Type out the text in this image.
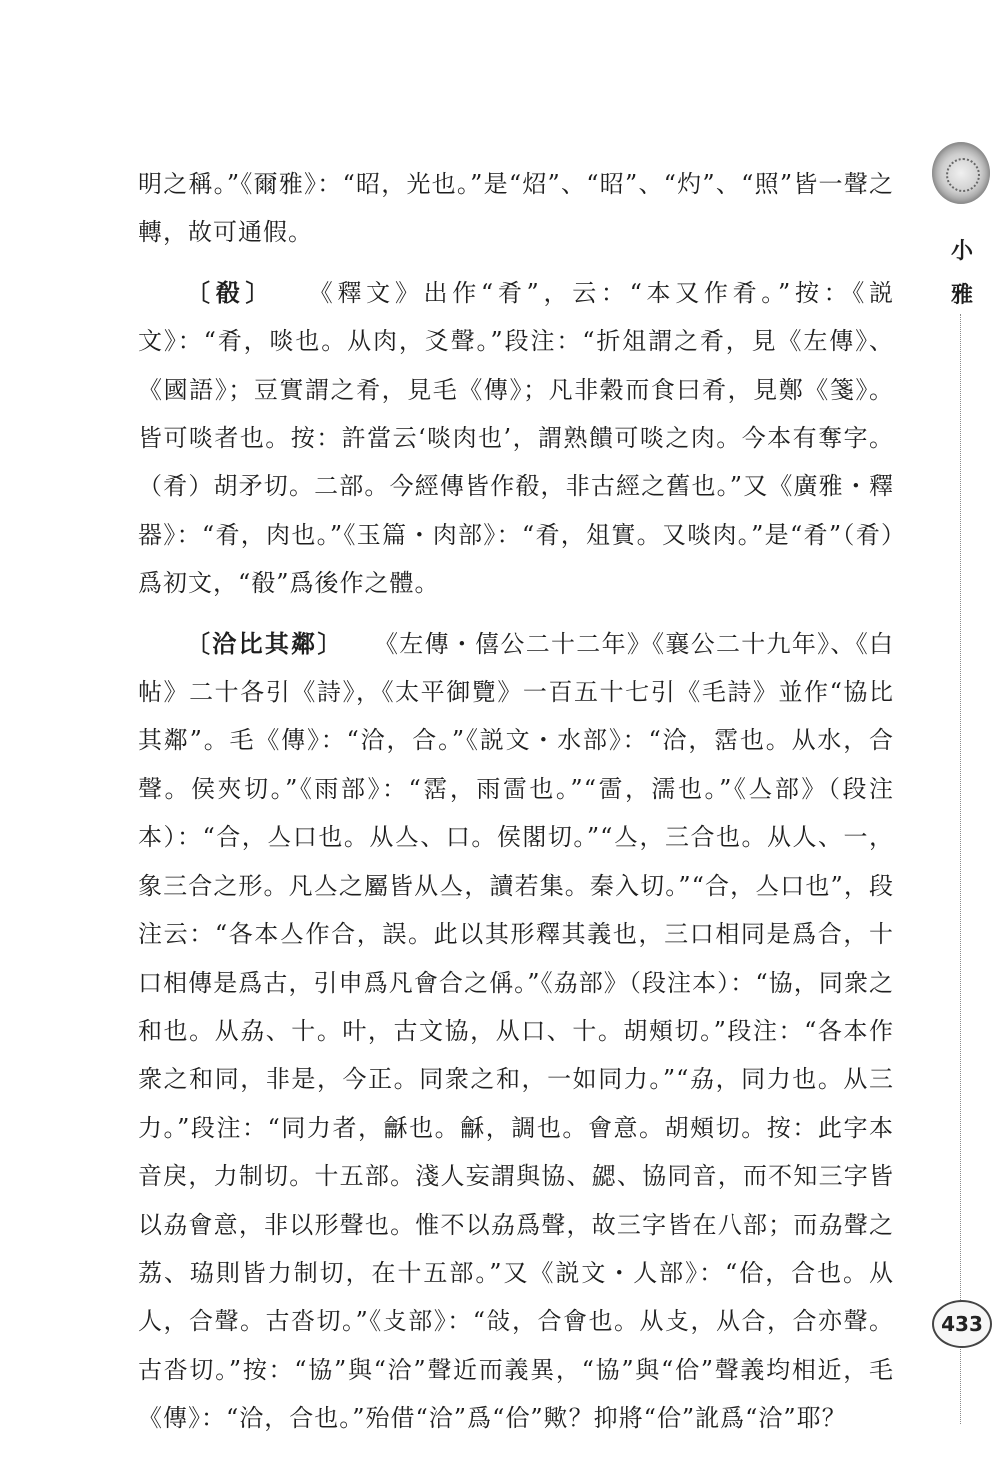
明之稱。”《爾雅》：“昭，光也。”是“炤”、“昭”、“灼”、“照”皆一聲之轉，故可通假。

〔殽〕 《釋文》出作“肴”，云：“本又作肴。”按：《説文》：“肴，啖也。从肉，爻聲。”段注：“折俎謂之肴，見《左傳》、《國語》；豆實謂之肴，見毛《傳》；凡非穀而食曰肴，見鄭《箋》。皆可啖者也。按：許當云‘啖肉也’，謂熟饋可啖之肉。今本有奪字。（肴）胡矛切。二部。今經傳皆作殽，非古經之舊也。”又《廣雅・釋器》：“肴，肉也。”《玉篇・肉部》：“肴，俎實。又啖肉。”是“肴”（肴）爲初文，“殽”爲後作之體。

〔洽比其鄰〕 《左傳・僖公二十二年》《襄公二十九年》、《白帖》二十各引《詩》，《太平御覽》一百五十七引《毛詩》並作“協比其鄰”。毛《傳》：“洽，合。”《説文・水部》：“洽，霑也。从水，合聲。侯夾切。”《雨部》：“霑，雨䨓也。”“䨓，濡也。”《亼部》（段注本）：“合，亼口也。从亼、口。侯閣切。”“亼，三合也。从人、一，象三合之形。凡亼之屬皆从亼，讀若集。秦入切。”“合，亼口也”，段注云：“各本亼作合，誤。此以其形釋其義也，三口相同是爲合，十口相傳是爲古，引申爲凡會合之偁。”《劦部》（段注本）：“協，同衆之和也。从劦、十。叶，古文協，从口、十。胡頰切。”段注：“各本作衆之和同，非是，今正。同衆之和，一如同力。”“劦，同力也。从三力。”段注：“同力者，龢也。龢，調也。會意。胡頰切。按：此字本音戾，力制切。十五部。淺人妄謂與協、勰、協同音，而不知三字皆以劦會意，非以形聲也。惟不以劦爲聲，故三字皆在八部；而劦聲之荔、珕則皆力制切，在十五部。”又《説文・人部》：“佮，合也。从人，合聲。古沓切。”《攴部》：“敆，合會也。从攴，从合，合亦聲。古沓切。”按：“協”與“洽”聲近而義異，“協”與“佮”聲義均相近，毛《傳》：“洽，合也。”殆借“洽”爲“佮”歟？抑將“佮”訛爲“洽”耶？

小
雅
433
